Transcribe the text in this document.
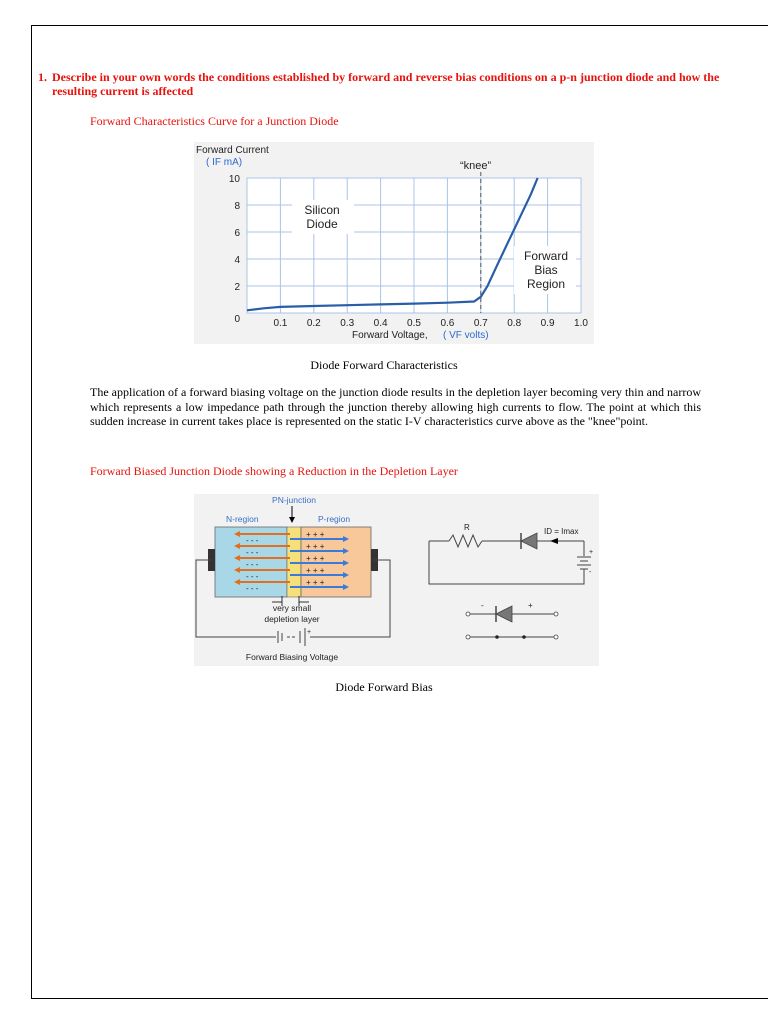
1. Describe in your own words the conditions established by forward and reverse bias conditions on a p-n junction diode and how the resulting current is affected
Forward Characteristics Curve for a Junction Diode
Forward Current
( IF mA)
0
2
4
6
8
10
0.1 0.2 0.3 0.4 0.5 0.6 0.7 0.8 0.9 1.0
Forward Voltage, ( VF volts)
“knee”
Silicon
Diode
Forward
Bias
Region
Diode Forward Characteristics
The application of a forward biasing voltage on the junction diode results in the depletion layer becoming very thin and narrow which represents a low impedance path through the junction thereby allowing high currents to flow. The point at which this sudden increase in current takes place is represented on the static I-V characteristics curve above as the "knee"point.
Forward Biased Junction Diode showing a Reduction in the Depletion Layer
PN-junction
N-region	P-region
- - -
+ + +
- - -
+ + +
- - -
+ + +
- - -
+ + +
- - -
+ + +
very small
depletion layer
+
Forward Biasing Voltage
R	ID = Imax
+
-
-	+
Diode Forward Bias
